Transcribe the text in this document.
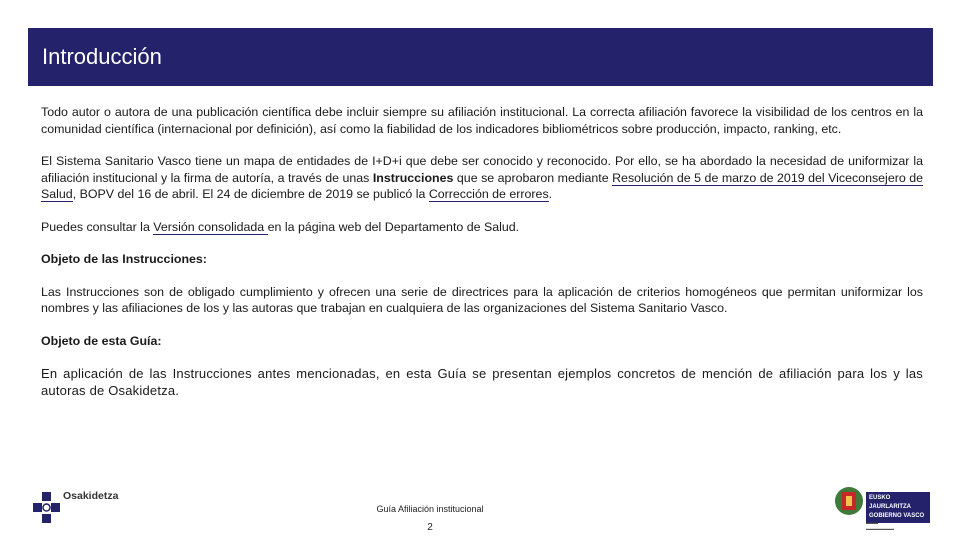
Introducción

Todo autor o autora de una publicación científica debe incluir siempre su afiliación institucional. La correcta afiliación favorece la visibilidad de los centros en la comunidad científica (internacional por definición), así como la fiabilidad de los indicadores bibliométricos sobre producción, impacto, ranking, etc.

El Sistema Sanitario Vasco tiene un mapa de entidades de I+D+i que debe ser conocido y reconocido. Por ello, se ha abordado la necesidad de uniformizar la afiliación institucional y la firma de autoría, a través de unas Instrucciones que se aprobaron mediante Resolución de 5 de marzo de 2019 del Viceconsejero de Salud, BOPV del 16 de abril. El 24 de diciembre de 2019 se publicó la Corrección de errores.

Puedes consultar la Versión consolidada en la página web del Departamento de Salud.

Objeto de las Instrucciones:

Las Instrucciones son de obligado cumplimiento y ofrecen una serie de directrices para la aplicación de criterios homogéneos que permitan uniformizar los nombres y las afiliaciones de los y las autoras que trabajan en cualquiera de las organizaciones del Sistema Sanitario Vasco.

Objeto de esta Guía:

En aplicación de las Instrucciones antes mencionadas, en esta Guía se presentan ejemplos concretos de mención de afiliación para los y las autoras de Osakidetza.

Osakidetza
Guía Afiliación institucional
2
EUSKO JAURLARITZA
GOBIERNO VASCO
▬▬▬
▬▬▬▬▬▬▬
